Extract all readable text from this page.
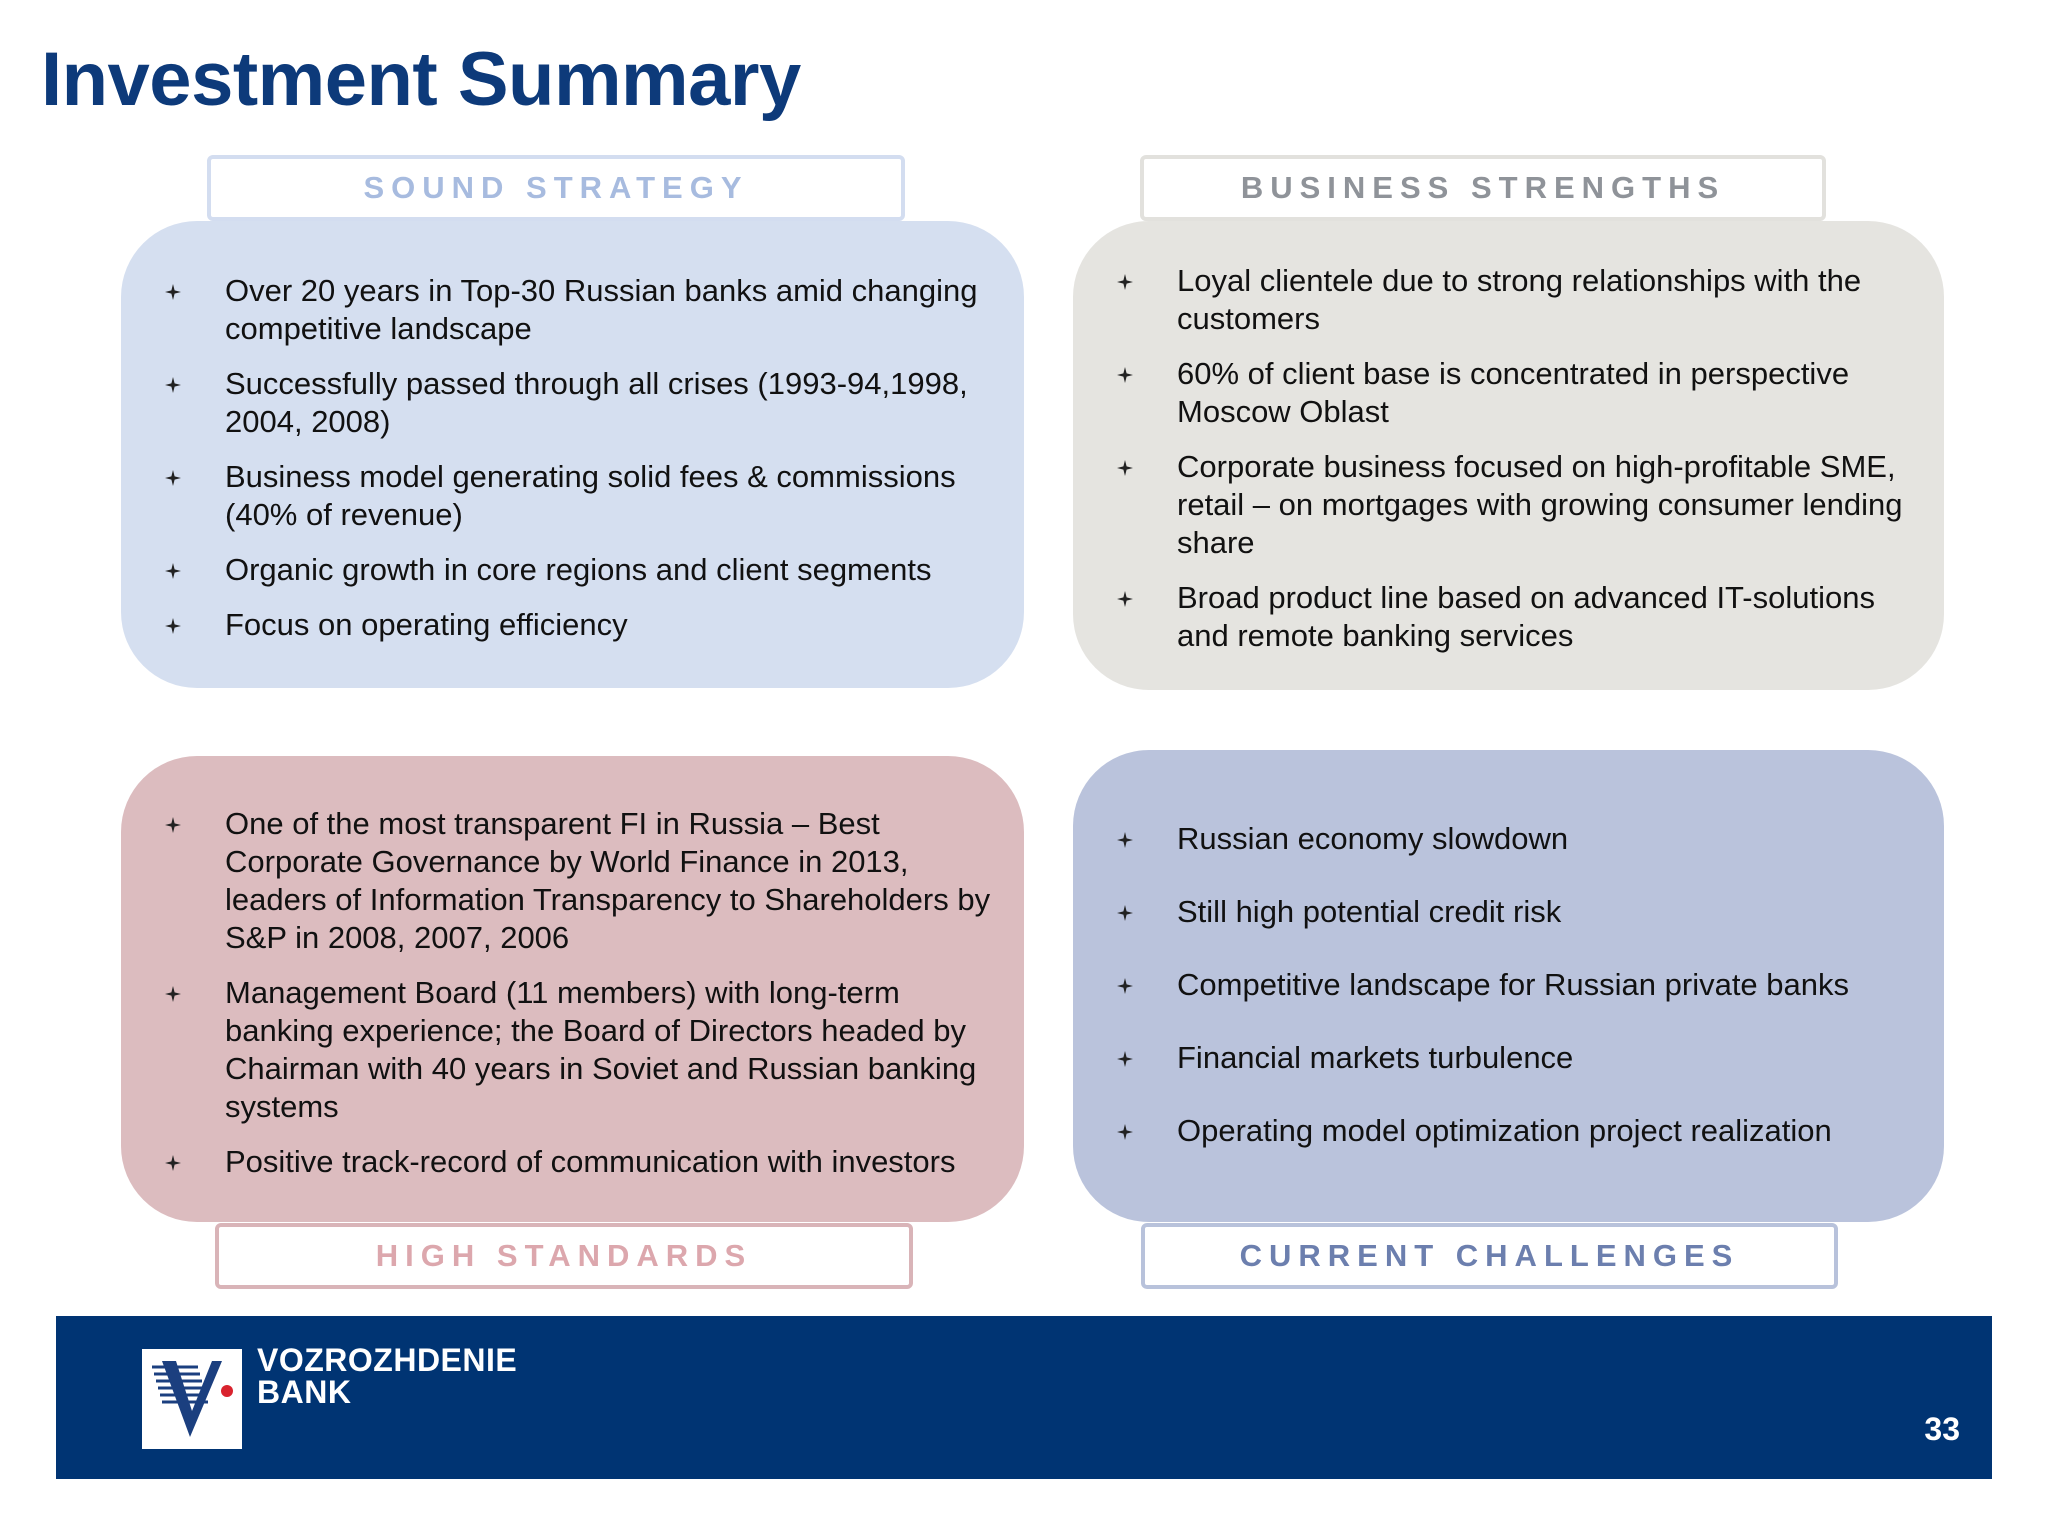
Investment Summary
SOUND STRATEGY
Over 20 years in Top-30 Russian banks amid changing competitive landscape
Successfully passed through all crises (1993-94,1998, 2004, 2008)
Business model generating solid fees & commissions (40% of revenue)
Organic growth in core regions and client segments
Focus on operating efficiency
BUSINESS STRENGTHS
Loyal clientele due to strong relationships with the customers
60% of client base is concentrated in perspective Moscow Oblast
Corporate business focused on high-profitable SME, retail – on mortgages with growing consumer lending share
Broad product line based on advanced IT-solutions and remote banking services
One of the most transparent FI in Russia – Best Corporate Governance by World Finance in 2013, leaders of Information Transparency to Shareholders by S&P in 2008, 2007, 2006
Management Board (11 members) with long-term banking experience; the Board of Directors headed by Chairman with 40 years in Soviet and Russian banking systems
Positive track-record of communication with investors
HIGH STANDARDS
Russian economy slowdown
Still high potential credit risk
Competitive landscape for Russian private banks
Financial markets turbulence
Operating model optimization project realization
CURRENT CHALLENGES
VOZROZHDENIE
BANK
33
